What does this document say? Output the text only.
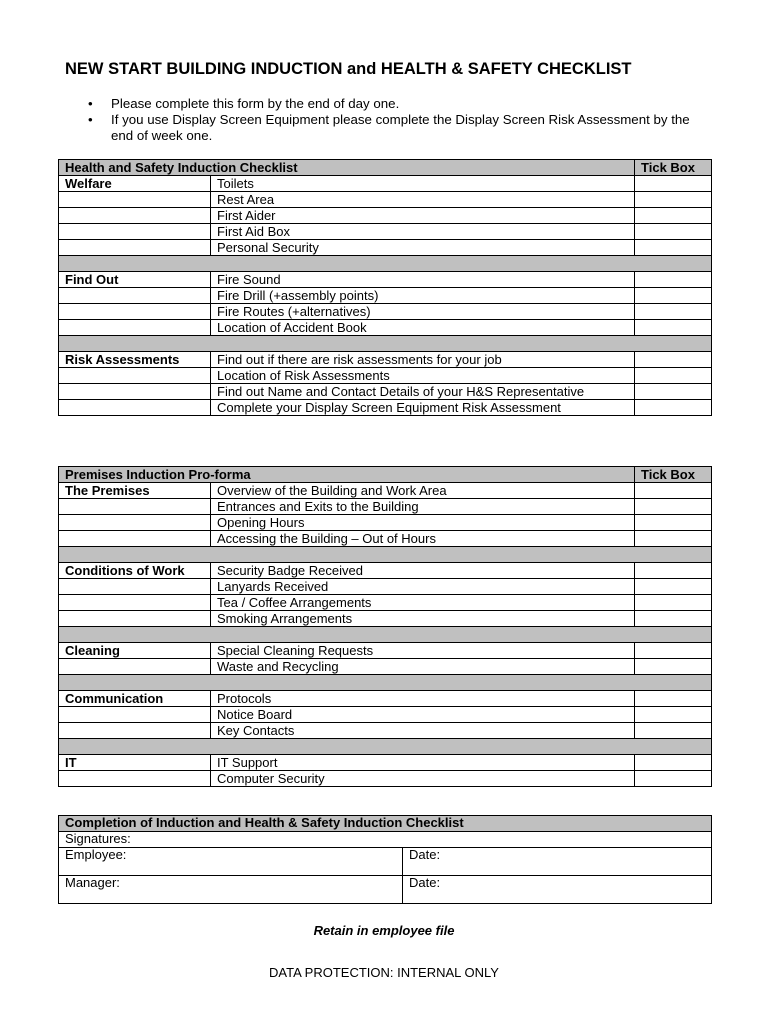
NEW START BUILDING INDUCTION and HEALTH & SAFETY CHECKLIST
• Please complete this form by the end of day one.
• If you use Display Screen Equipment please complete the Display Screen Risk Assessment by the end of week one.
Health and Safety Induction Checklist		Tick Box
Welfare	Toilets	
	Rest Area	
	First Aider	
	First Aid Box	
	Personal Security	

Find Out	Fire Sound	
	Fire Drill (+assembly points)	
	Fire Routes (+alternatives)	
	Location of Accident Book	

Risk Assessments	Find out if there are risk assessments for your job	
	Location of Risk Assessments	
	Find out Name and Contact Details of your H&S Representative	
	Complete your Display Screen Equipment Risk Assessment	
Premises Induction Pro-forma		Tick Box
The Premises	Overview of the Building and Work Area	
	Entrances and Exits to the Building	
	Opening Hours	
	Accessing the Building – Out of Hours	

Conditions of Work	Security Badge Received	
	Lanyards Received	
	Tea / Coffee Arrangements	
	Smoking Arrangements	

Cleaning	Special Cleaning Requests	
	Waste and Recycling	

Communication	Protocols	
	Notice Board	
	Key Contacts	

IT	IT Support	
	Computer Security	
Completion of Induction and Health & Safety Induction Checklist	
Signatures:	
Employee:	Date:
Manager:	Date:
Retain in employee file
DATA PROTECTION: INTERNAL ONLY
